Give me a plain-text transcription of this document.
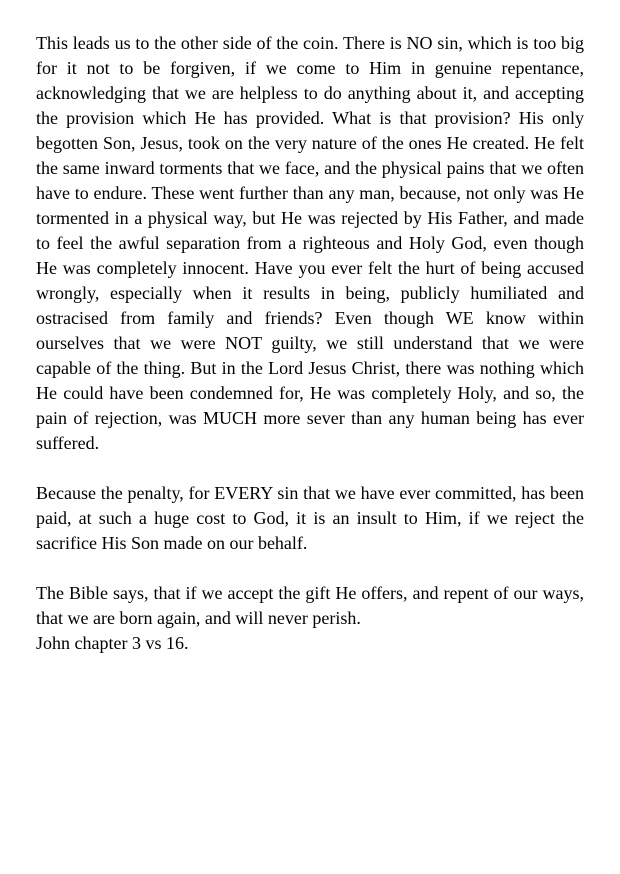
This leads us to the other side of the coin. There is NO sin, which is too big for it not to be forgiven, if we come to Him in genuine repentance, acknowledging that we are helpless to do anything about it, and accepting the provision which He has provided. What is that provision? His only begotten Son, Jesus, took on the very nature of the ones He created. He felt the same inward torments that we face, and the physical pains that we often have to endure. These went further than any man, because, not only was He tormented in a physical way, but He was rejected by His Father, and made to feel the awful separation from a righteous and Holy God, even though He was completely innocent. Have you ever felt the hurt of being accused wrongly, especially when it results in being, publicly humiliated and ostracised from family and friends? Even though WE know within ourselves that we were NOT guilty, we still understand that we were capable of the thing. But in the Lord Jesus Christ, there was nothing which He could have been condemned for, He was completely Holy, and so, the pain of rejection, was MUCH more sever than any human being has ever suffered.

Because the penalty, for EVERY sin that we have ever committed, has been paid, at such a huge cost to God, it is an insult to Him, if we reject the sacrifice His Son made on our behalf.

The Bible says, that if we accept the gift He offers, and repent of our ways, that we are born again, and will never perish.
John chapter 3 vs 16.
